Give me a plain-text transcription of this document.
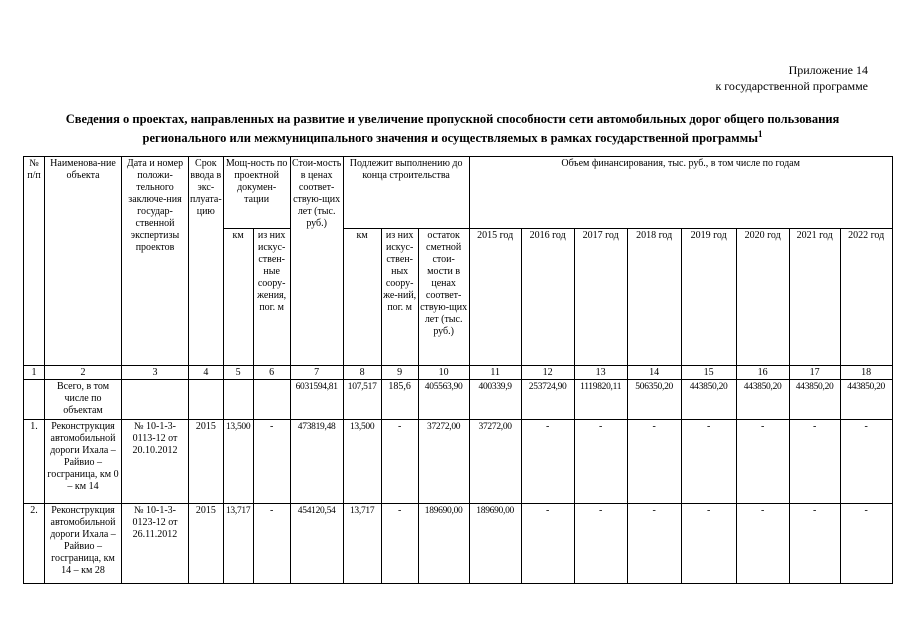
Приложение 14
к государственной программе
Сведения о проектах, направленных на развитие и увеличение пропускной способности сети автомобильных дорог общего пользования регионального или межмуниципального значения и осуществляемых в рамках государственной программы$^1$
№ п/п	Наименова-ние объекта	Дата и номер положи-тельного заключе-ния государ-ственной экспертизы проектов	Срок ввода в экс-плуата-цию	Мощ-ность по проектной докумен-тации		Стои-мость в ценах соответ-ствую-щих лет (тыс. руб.)	Подлежит выполнению до конца строительства			Объем финансирования, тыс. руб., в том числе по годам							
				км	из них искус-ствен-ные соору-жения, пог. м		км	из них искус-ствен-ных соору-же-ний, пог. м	остаток сметной стои-мости в ценах соответ-ствую-щих лет (тыс. руб.)	2015 год	2016 год	2017 год	2018 год	2019 год	2020 год	2021 год	2022 год
1	2	3	4	5	6	7	8	9	10	11	12	13	14	15	16	17	18
	Всего, в том числе по объектам					6031594,81	107,517	185,6	405563,90	400339,9	253724,90	1119820,11	506350,20	443850,20	443850,20	443850,20	443850,20
1.	Реконструкция автомобильной дороги Ихала – Райвио – госграница, км 0 – км 14	№ 10-1-3-0113-12 от 20.10.2012	2015	13,500	-	473819,48	13,500	-	37272,00	37272,00	-	-	-	-	-	-	-
2.	Реконструкция автомобильной дороги Ихала – Райвио – госграница, км 14 – км 28	№ 10-1-3-0123-12 от 26.11.2012	2015	13,717	-	454120,54	13,717	-	189690,00	189690,00	-	-	-	-	-	-	-
